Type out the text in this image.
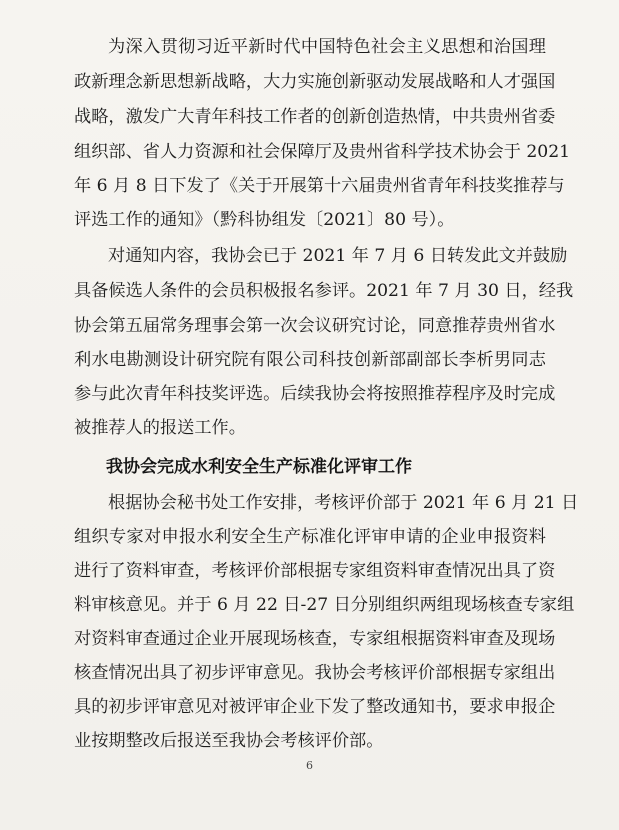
为深入贯彻习近平新时代中国特色社会主义思想和治国理
政新理念新思想新战略，大力实施创新驱动发展战略和人才强国
战略，激发广大青年科技工作者的创新创造热情，中共贵州省委
组织部、省人力资源和社会保障厅及贵州省科学技术协会于 2021
年 6 月 8 日下发了《关于开展第十六届贵州省青年科技奖推荐与
评选工作的通知》（黔科协组发〔2021〕80 号）。
对通知内容，我协会已于 2021 年 7 月 6 日转发此文并鼓励
具备候选人条件的会员积极报名参评。2021 年 7 月 30 日，经我
协会第五届常务理事会第一次会议研究讨论，同意推荐贵州省水
利水电勘测设计研究院有限公司科技创新部副部长李析男同志
参与此次青年科技奖评选。后续我协会将按照推荐程序及时完成
被推荐人的报送工作。
我协会完成水利安全生产标准化评审工作
根据协会秘书处工作安排，考核评价部于 2021 年 6 月 21 日
组织专家对申报水利安全生产标准化评审申请的企业申报资料
进行了资料审查，考核评价部根据专家组资料审查情况出具了资
料审核意见。并于 6 月 22 日-27 日分别组织两组现场核查专家组
对资料审查通过企业开展现场核查，专家组根据资料审查及现场
核查情况出具了初步评审意见。我协会考核评价部根据专家组出
具的初步评审意见对被评审企业下发了整改通知书，要求申报企
业按期整改后报送至我协会考核评价部。
6
